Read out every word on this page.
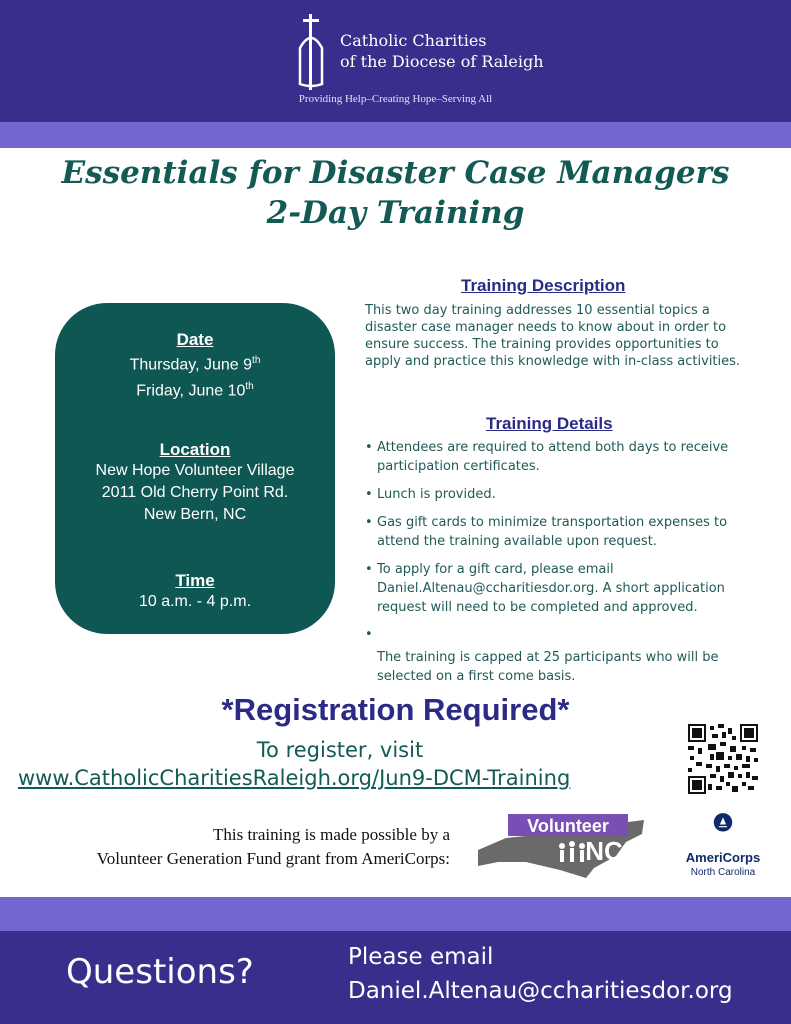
Catholic Charities
of the Diocese of Raleigh
Providing Help–Creating Hope–Serving All
Essentials for Disaster Case Managers
2-Day Training
Date
Thursday, June 9th
Friday, June 10th
Location
New Hope Volunteer Village
2011 Old Cherry Point Rd.
New Bern, NC
Time
10 a.m. - 4 p.m.
Training Description
This two day training addresses 10 essential topics a disaster case manager needs to know about in order to ensure success. The training provides opportunities to apply and practice this knowledge with in-class activities.
Training Details
• Attendees are required to attend both days to receive participation certificates.
• Lunch is provided.
• Gas gift cards to minimize transportation expenses to attend the training available upon request.
• To apply for a gift card, please email Daniel.Altenau@ccharitiesdor.org. A short application request will need to be completed and approved.
•
The training is capped at 25 participants who will be selected on a first come basis.
*Registration Required*
To register, visit
www.CatholicCharitiesRaleigh.org/Jun9-DCM-Training
This training is made possible by a
Volunteer Generation Fund grant from AmeriCorps:
Volunteer
NC	AmeriCorps
North Carolina
Questions?	Please email
Daniel.Altenau@ccharitiesdor.org
